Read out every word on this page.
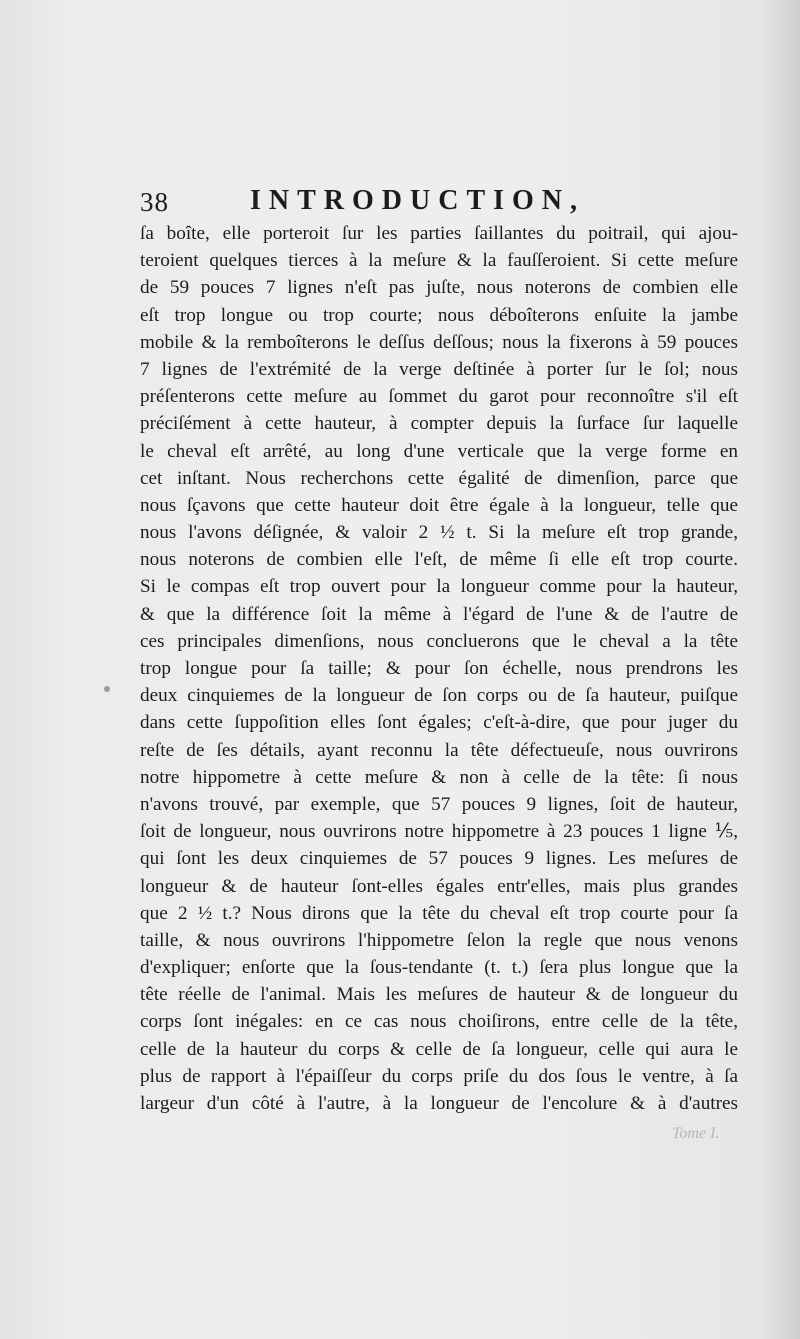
38	INTRODUCTION,
ſa boîte, elle porteroit ſur les parties ſaillantes du poitrail, qui ajou-
teroient quelques tierces à la meſure & la fauſſeroient. Si cette meſure
de 59 pouces 7 lignes n'eſt pas juſte, nous noterons de combien elle
eſt trop longue ou trop courte; nous déboîterons enſuite la jambe
mobile & la remboîterons le deſſus deſſous; nous la fixerons à 59 pouces
7 lignes de l'extrémité de la verge deſtinée à porter ſur le ſol; nous
préſenterons cette meſure au ſommet du garot pour reconnoître s'il eſt
préciſément à cette hauteur, à compter depuis la ſurface ſur laquelle
le cheval eſt arrêté, au long d'une verticale que la verge forme en
cet inſtant. Nous recherchons cette égalité de dimenſion, parce que
nous ſçavons que cette hauteur doit être égale à la longueur, telle que
nous l'avons déſignée, & valoir 2 ½ t. Si la meſure eſt trop grande,
nous noterons de combien elle l'eſt, de même ſi elle eſt trop courte.
Si le compas eſt trop ouvert pour la longueur comme pour la hauteur,
& que la différence ſoit la même à l'égard de l'une & de l'autre de
ces principales dimenſions, nous concluerons que le cheval a la tête
trop longue pour ſa taille; & pour ſon échelle, nous prendrons les
deux cinquiemes de la longueur de ſon corps ou de ſa hauteur, puiſque
dans cette ſuppoſition elles ſont égales; c'eſt-à-dire, que pour juger du
reſte de ſes détails, ayant reconnu la tête défectueuſe, nous ouvrirons
notre hippometre à cette meſure & non à celle de la tête: ſi nous
n'avons trouvé, par exemple, que 57 pouces 9 lignes, ſoit de hauteur,
ſoit de longueur, nous ouvrirons notre hippometre à 23 pouces 1 ligne ⅕,
qui ſont les deux cinquiemes de 57 pouces 9 lignes. Les meſures de
longueur & de hauteur ſont-elles égales entr'elles, mais plus grandes
que 2 ½ t.? Nous dirons que la tête du cheval eſt trop courte pour ſa
taille, & nous ouvrirons l'hippometre ſelon la regle que nous venons
d'expliquer; enſorte que la ſous-tendante (t. t.) ſera plus longue que la
tête réelle de l'animal. Mais les meſures de hauteur & de longueur du
corps ſont inégales: en ce cas nous choiſirons, entre celle de la tête,
celle de la hauteur du corps & celle de ſa longueur, celle qui aura le
plus de rapport à l'épaiſſeur du corps priſe du dos ſous le ventre, à ſa
largeur d'un côté à l'autre, à la longueur de l'encolure & à d'autres
Tome I.
